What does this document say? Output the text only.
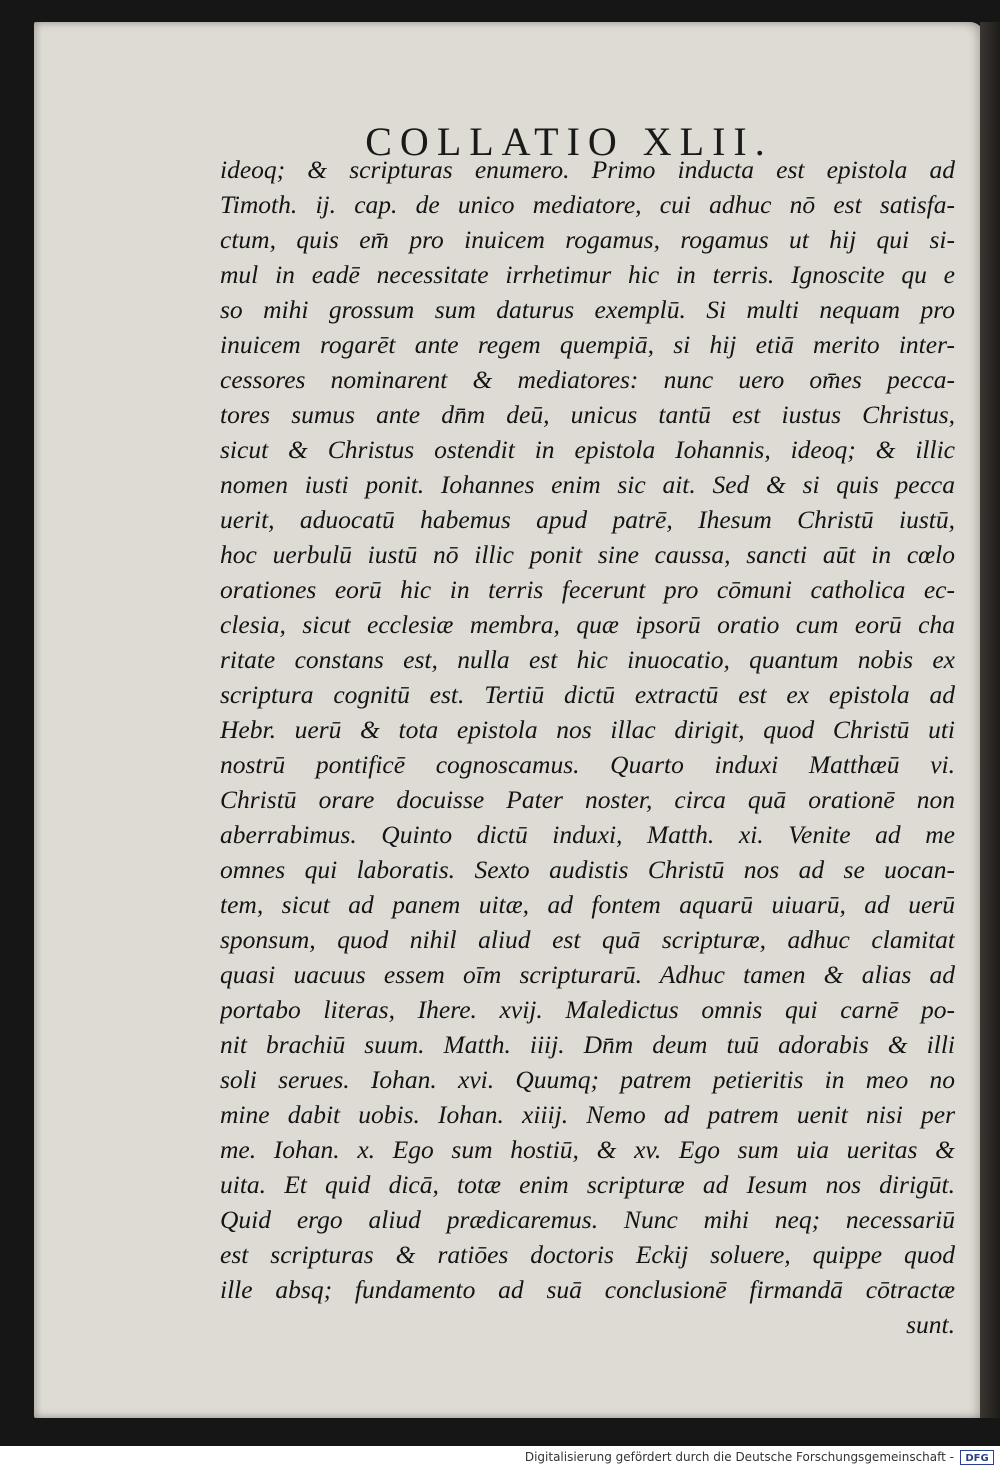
COLLATIO XLII.
ideoq; & scripturas enumero. Primo inducta est epistola ad
Timoth. ij. cap. de unico mediatore, cui adhuc nō est satisfa-
ctum, quis em̄ pro inuicem rogamus, rogamus ut hij qui si-
mul in eadē necessitate irrhetimur hic in terris. Ignoscite qu e
so mihi grossum sum daturus exemplū. Si multi nequam pro
inuicem rogarēt ante regem quempiā, si hij etiā merito inter-
cessores nominarent & mediatores: nunc uero om̄es pecca-
tores sumus ante dn̄m deū, unicus tantū est iustus Christus,
sicut & Christus ostendit in epistola Iohannis, ideoq; & illic
nomen iusti ponit. Iohannes enim sic ait. Sed & si quis pecca
uerit, aduocatū habemus apud patrē, Ihesum Christū iustū,
hoc uerbulū iustū nō illic ponit sine caussa, sancti aūt in cœlo
orationes eorū hic in terris fecerunt pro cōmuni catholica ec-
clesia, sicut ecclesiæ membra, quæ ipsorū oratio cum eorū cha
ritate constans est, nulla est hic inuocatio, quantum nobis ex
scriptura cognitū est. Tertiū dictū extractū est ex epistola ad
Hebr. uerū & tota epistola nos illac dirigit, quod Christū uti
nostrū pontificē cognoscamus. Quarto induxi Matthæū vi.
Christū orare docuisse Pater noster, circa quā orationē non
aberrabimus. Quinto dictū induxi, Matth. xi. Venite ad me
omnes qui laboratis. Sexto audistis Christū nos ad se uocan-
tem, sicut ad panem uitæ, ad fontem aquarū uiuarū, ad uerū
sponsum, quod nihil aliud est quā scripturæ, adhuc clamitat
quasi uacuus essem oīm scripturarū. Adhuc tamen & alias ad
portabo literas, Ihere. xvij. Maledictus omnis qui carnē po-
nit brachiū suum. Matth. iiij. Dn̄m deum tuū adorabis & illi
soli serues. Iohan. xvi. Quumq; patrem petieritis in meo no
mine dabit uobis. Iohan. xiiij. Nemo ad patrem uenit nisi per
me. Iohan. x. Ego sum hostiū, & xv. Ego sum uia ueritas &
uita. Et quid dicā, totæ enim scripturæ ad Iesum nos dirigūt.
Quid ergo aliud prædicaremus. Nunc mihi neq; necessariū
est scripturas & ratiōes doctoris Eckij soluere, quippe quod
ille absq; fundamento ad suā conclusionē firmandā cōtractæ
sunt.
Digitalisierung gefördert durch die Deutsche Forschungsgemeinschaft -	DFG
